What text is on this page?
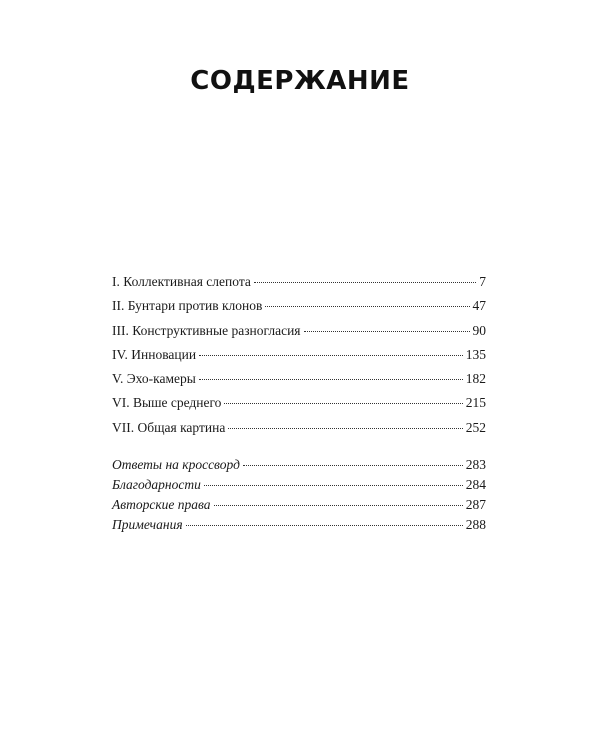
СОДЕРЖАНИЕ
I. Коллективная слепота	7
II. Бунтари против клонов	47
III. Конструктивные разногласия	90
IV. Инновации	135
V. Эхо-камеры	182
VI. Выше среднего	215
VII. Общая картина	252
Ответы на кроссворд	283
Благодарности	284
Авторские права	287
Примечания	288
